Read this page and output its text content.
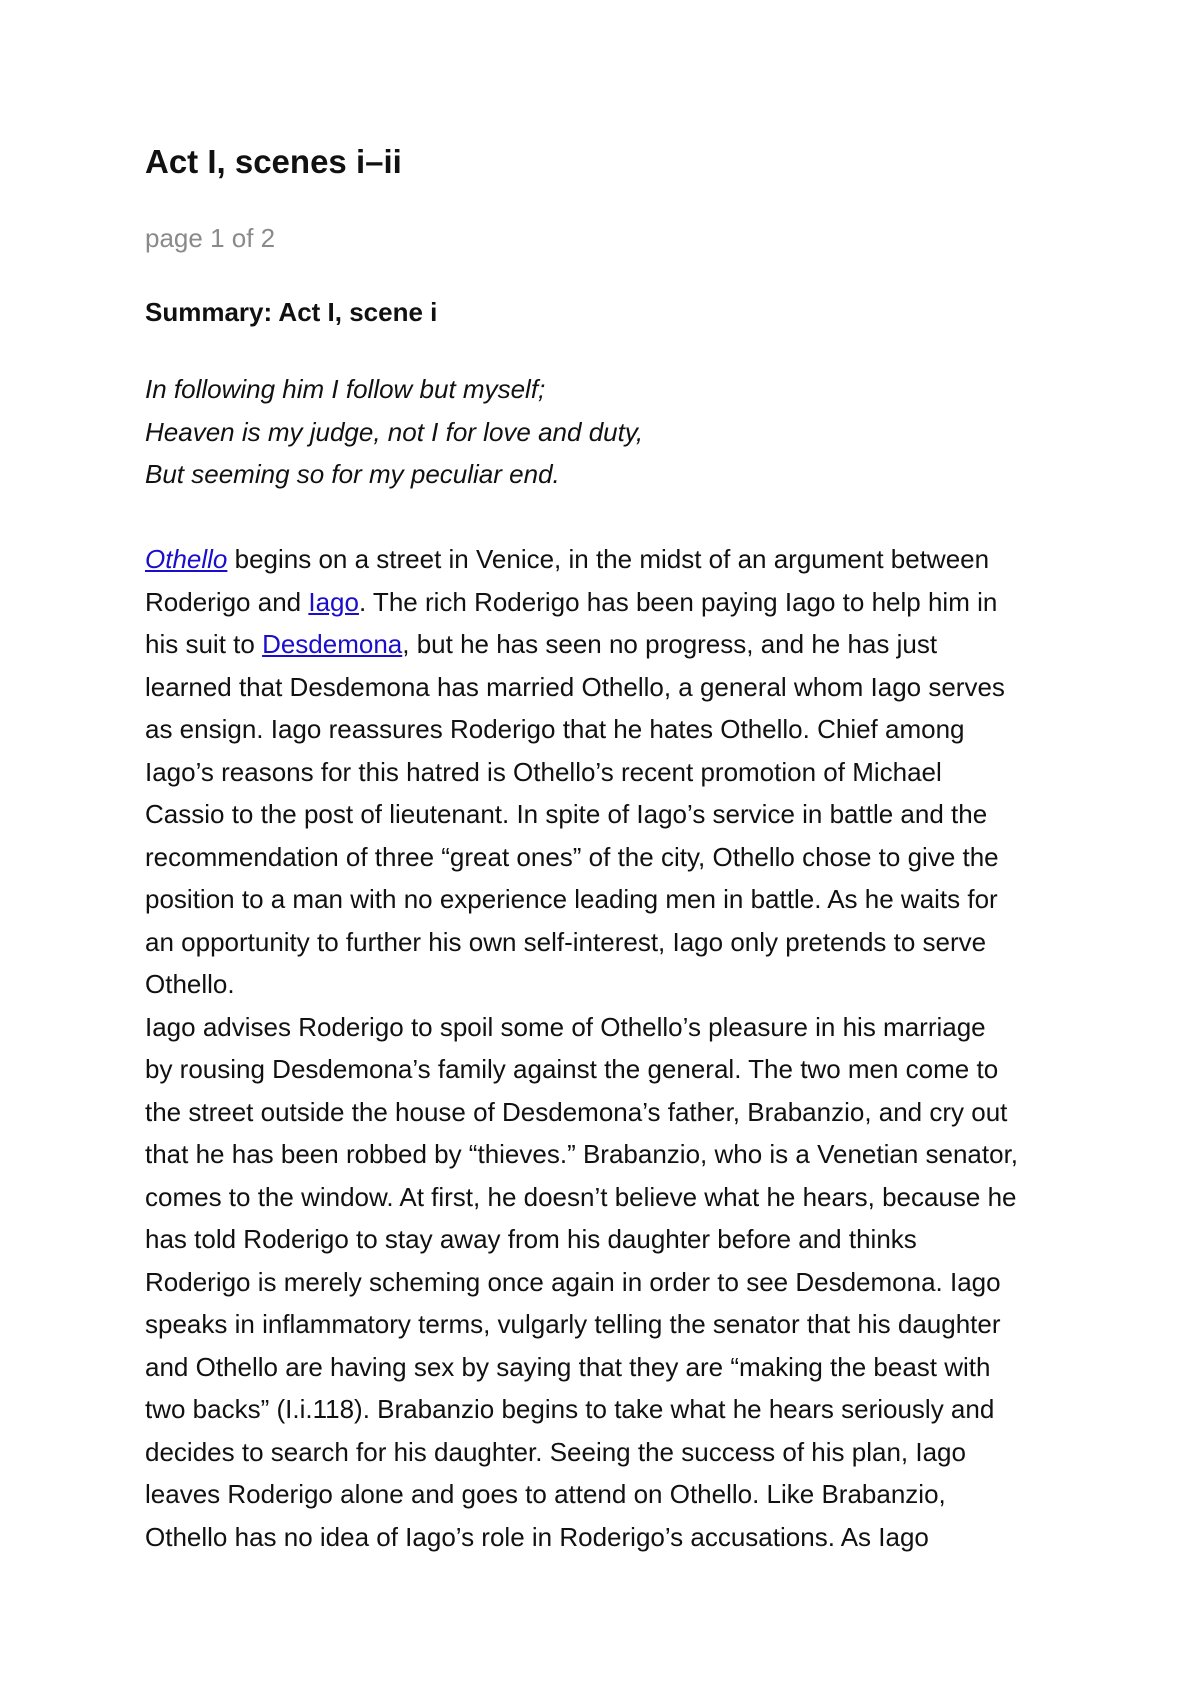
Act I, scenes i–ii
page 1 of 2
Summary: Act I, scene i
In following him I follow but myself;
Heaven is my judge, not I for love and duty,
But seeming so for my peculiar end.
Othello begins on a street in Venice, in the midst of an argument between
Roderigo and Iago. The rich Roderigo has been paying Iago to help him in
his suit to Desdemona, but he has seen no progress, and he has just
learned that Desdemona has married Othello, a general whom Iago serves
as ensign. Iago reassures Roderigo that he hates Othello. Chief among
Iago’s reasons for this hatred is Othello’s recent promotion of Michael
Cassio to the post of lieutenant. In spite of Iago’s service in battle and the
recommendation of three “great ones” of the city, Othello chose to give the
position to a man with no experience leading men in battle. As he waits for
an opportunity to further his own self-interest, Iago only pretends to serve
Othello.
Iago advises Roderigo to spoil some of Othello’s pleasure in his marriage
by rousing Desdemona’s family against the general. The two men come to
the street outside the house of Desdemona’s father, Brabanzio, and cry out
that he has been robbed by “thieves.” Brabanzio, who is a Venetian senator,
comes to the window. At first, he doesn’t believe what he hears, because he
has told Roderigo to stay away from his daughter before and thinks
Roderigo is merely scheming once again in order to see Desdemona. Iago
speaks in inflammatory terms, vulgarly telling the senator that his daughter
and Othello are having sex by saying that they are “making the beast with
two backs” (I.i.118). Brabanzio begins to take what he hears seriously and
decides to search for his daughter. Seeing the success of his plan, Iago
leaves Roderigo alone and goes to attend on Othello. Like Brabanzio,
Othello has no idea of Iago’s role in Roderigo’s accusations. As Iago
